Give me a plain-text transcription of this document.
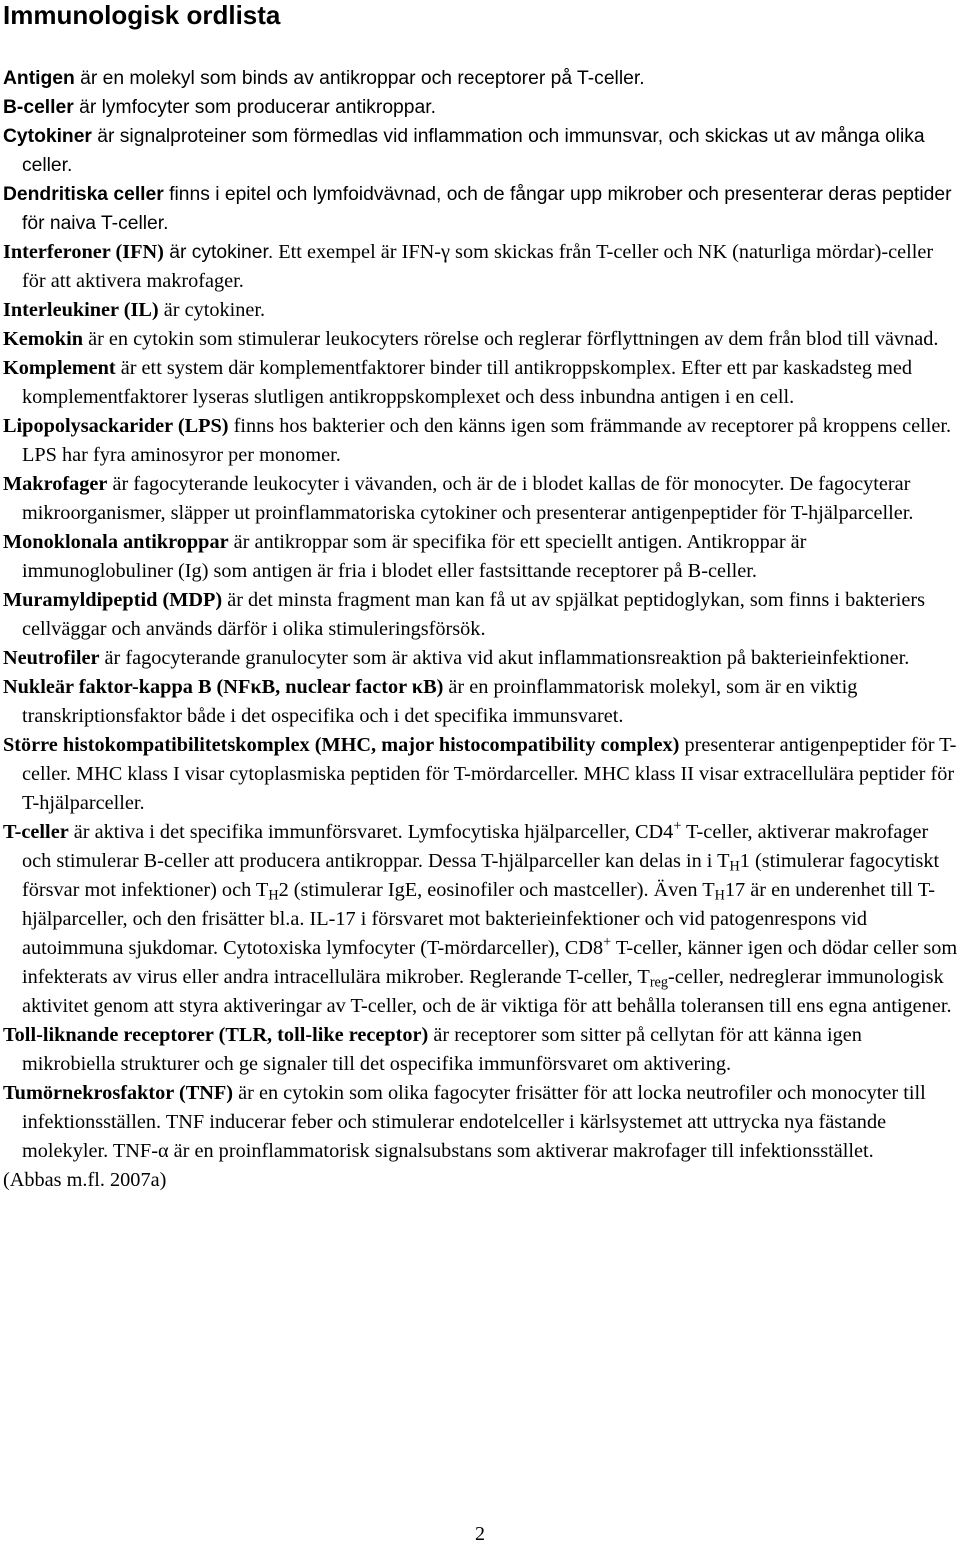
Immunologisk ordlista

Antigen är en molekyl som binds av antikroppar och receptorer på T-celler.

B-celler är lymfocyter som producerar antikroppar.

Cytokiner är signalproteiner som förmedlas vid inflammation och immunsvar, och skickas ut av många olika celler.

Dendritiska celler finns i epitel och lymfoidvävnad, och de fångar upp mikrober och presenterar deras peptider för naiva T-celler.

Interferoner (IFN) är cytokiner. Ett exempel är IFN-γ som skickas från T-celler och NK (naturliga mördar)-celler för att aktivera makrofager.

Interleukiner (IL) är cytokiner.

Kemokin är en cytokin som stimulerar leukocyters rörelse och reglerar förflyttningen av dem från blod till vävnad.

Komplement är ett system där komplementfaktorer binder till antikroppskomplex. Efter ett par kaskadsteg med komplementfaktorer lyseras slutligen antikroppskomplexet och dess inbundna antigen i en cell.

Lipopolysackarider (LPS) finns hos bakterier och den känns igen som främmande av receptorer på kroppens celler. LPS har fyra aminosyror per monomer.

Makrofager är fagocyterande leukocyter i vävanden, och är de i blodet kallas de för monocyter. De fagocyterar mikroorganismer, släpper ut proinflammatoriska cytokiner och presenterar antigenpeptider för T-hjälparceller.

Monoklonala antikroppar är antikroppar som är specifika för ett speciellt antigen. Antikroppar är immunoglobuliner (Ig) som antigen är fria i blodet eller fastsittande receptorer på B-celler.

Muramyldipeptid (MDP) är det minsta fragment man kan få ut av spjälkat peptidoglykan, som finns i bakteriers cellväggar och används därför i olika stimuleringsförsök.

Neutrofiler är fagocyterande granulocyter som är aktiva vid akut inflammationsreaktion på bakterieinfektioner.

Nukleär faktor-kappa B (NFκB, nuclear factor κB) är en proinflammatorisk molekyl, som är en viktig transkriptionsfaktor både i det ospecifika och i det specifika immunsvaret.

Större histokompatibilitetskomplex (MHC, major histocompatibility complex) presenterar antigenpeptider för T-celler. MHC klass I visar cytoplasmiska peptiden för T-mördarceller. MHC klass II visar extracellulära peptider för T-hjälparceller.

T-celler är aktiva i det specifika immunförsvaret. Lymfocytiska hjälparceller, CD4+ T-celler, aktiverar makrofager och stimulerar B-celler att producera antikroppar. Dessa T-hjälparceller kan delas in i $T_H1$ (stimulerar fagocytiskt försvar mot infektioner) och $T_H2$ (stimulerar IgE, eosinofiler och mastceller). Även $T_H17$ är en underenhet till T-hjälparceller, och den frisätter bl.a. IL-17 i försvaret mot bakterieinfektioner och vid patogenrespons vid autoimmuna sjukdomar. Cytotoxiska lymfocyter (T-mördarceller), CD8+ T-celler, känner igen och dödar celler som infekterats av virus eller andra intracellulära mikrober. Reglerande T-celler, $T_{reg}$-celler, nedreglerar immunologisk aktivitet genom att styra aktiveringar av T-celler, och de är viktiga för att behålla toleransen till ens egna antigener.

Toll-liknande receptorer (TLR, toll-like receptor) är receptorer som sitter på cellytan för att känna igen mikrobiella strukturer och ge signaler till det ospecifika immunförsvaret om aktivering.

Tumörnekrosfaktor (TNF) är en cytokin som olika fagocyter frisätter för att locka neutrofiler och monocyter till infektionsställen. TNF inducerar feber och stimulerar endotelceller i kärlsystemet att uttrycka nya fästande molekyler. TNF-α är en proinflammatorisk signalsubstans som aktiverar makrofager till infektionsstället.

(Abbas m.fl. 2007a)

2
